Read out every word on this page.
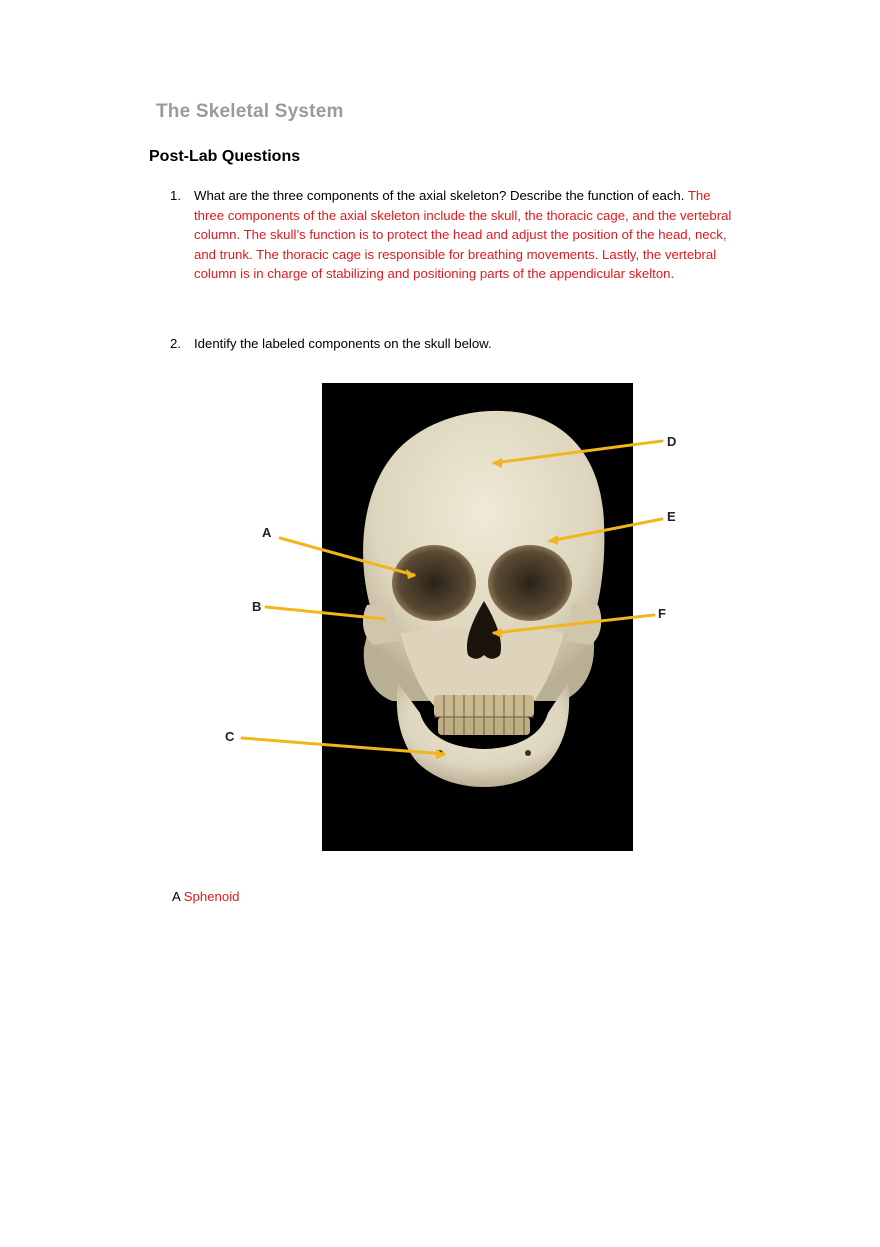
The Skeletal System
Post-Lab Questions
1. What are the three components of the axial skeleton? Describe the function of each. The three components of the axial skeleton include the skull, the thoracic cage, and the vertebral column. The skull’s function is to protect the head and adjust the position of the head, neck, and trunk. The thoracic cage is responsible for breathing movements. Lastly, the vertebral column is in charge of stabilizing and positioning parts of the appendicular skelton.
2. Identify the labeled components on the skull below.
A
B
C
D
E
F
A Sphenoid
